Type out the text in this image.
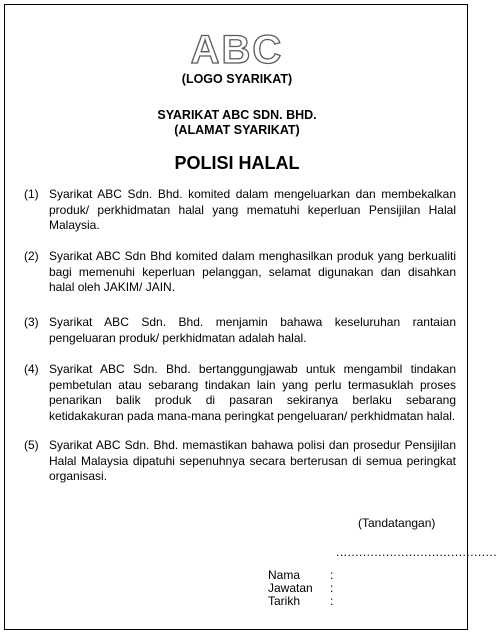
ABC
(LOGO SYARIKAT)
SYARIKAT ABC SDN. BHD.
(ALAMAT SYARIKAT)
POLISI HALAL
(1) Syarikat ABC Sdn. Bhd. komited dalam mengeluarkan dan membekalkan produk/ perkhidmatan halal yang mematuhi keperluan Pensijilan Halal Malaysia.
(2) Syarikat ABC Sdn Bhd komited dalam menghasilkan produk yang berkualiti bagi memenuhi keperluan pelanggan, selamat digunakan dan disahkan halal oleh JAKIM/ JAIN.
(3) Syarikat ABC Sdn. Bhd. menjamin bahawa keseluruhan rantaian pengeluaran produk/ perkhidmatan adalah halal.
(4) Syarikat ABC Sdn. Bhd. bertanggungjawab untuk mengambil tindakan pembetulan atau sebarang tindakan lain yang perlu termasuklah proses penarikan balik produk di pasaran sekiranya berlaku sebarang ketidakakuran pada mana-mana peringkat pengeluaran/ perkhidmatan halal.
(5) Syarikat ABC Sdn. Bhd. memastikan bahawa polisi dan prosedur Pensijilan Halal Malaysia dipatuhi sepenuhnya secara berterusan di semua peringkat organisasi.
(Tandatangan)
..........................................
Nama	:
Jawatan	:
Tarikh	:
